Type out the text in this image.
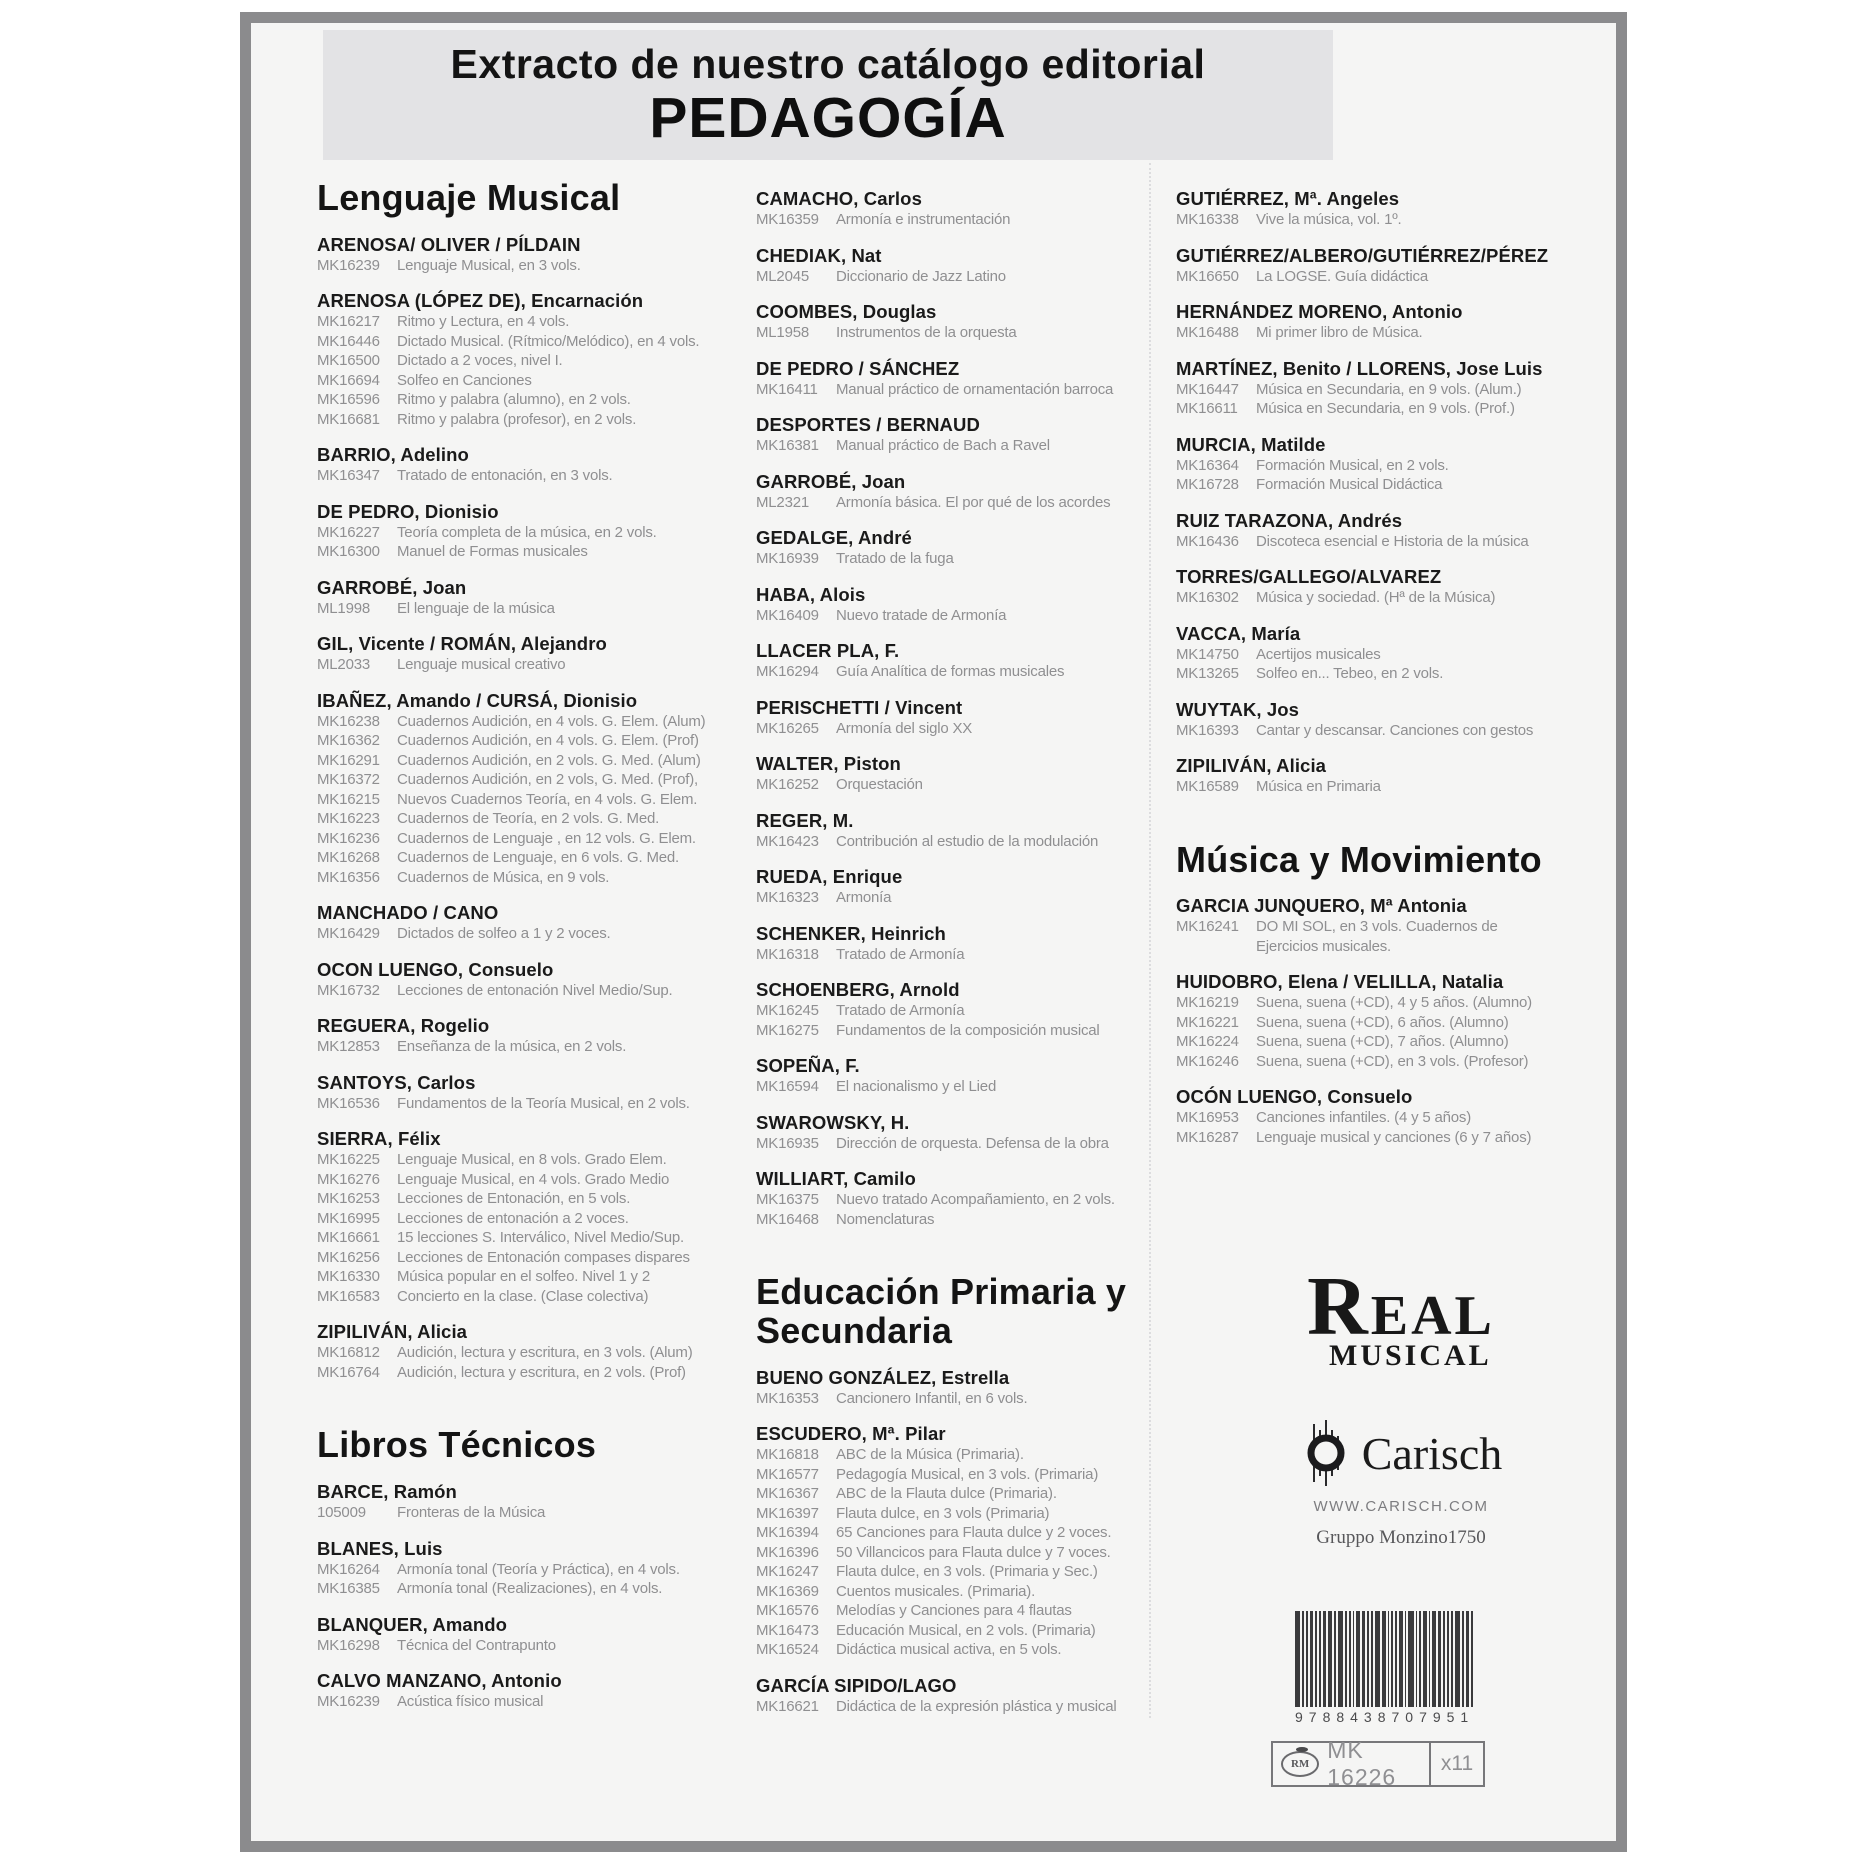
Extracto de nuestro catálogo editorial
PEDAGOGÍA
Lenguaje Musical
ARENOSA/ OLIVER / PÍLDAIN
MK16239 Lenguaje Musical, en 3 vols.
ARENOSA (LÓPEZ DE), Encarnación
MK16217 Ritmo y Lectura, en 4 vols.
MK16446 Dictado Musical. (Rítmico/Melódico), en 4 vols.
MK16500 Dictado a 2 voces, nivel I.
MK16694 Solfeo en Canciones
MK16596 Ritmo y palabra (alumno), en 2 vols.
MK16681 Ritmo y palabra (profesor), en 2 vols.
BARRIO, Adelino
MK16347 Tratado de entonación, en 3 vols.
DE PEDRO, Dionisio
MK16227 Teoría completa de la música, en 2 vols.
MK16300 Manuel de Formas musicales
GARROBÉ, Joan
ML1998 El lenguaje de la música
GIL, Vicente / ROMÁN, Alejandro
ML2033 Lenguaje musical creativo
IBAÑEZ, Amando / CURSÁ, Dionisio
MK16238 Cuadernos Audición, en 4 vols. G. Elem. (Alum)
MK16362 Cuadernos Audición, en 4 vols. G. Elem. (Prof)
MK16291 Cuadernos Audición, en 2 vols. G. Med. (Alum)
MK16372 Cuadernos Audición, en 2 vols, G. Med. (Prof),
MK16215 Nuevos Cuadernos Teoría, en 4 vols. G. Elem.
MK16223 Cuadernos de Teoría, en 2 vols. G. Med.
MK16236 Cuadernos de Lenguaje , en 12 vols. G. Elem.
MK16268 Cuadernos de Lenguaje, en 6 vols. G. Med.
MK16356 Cuadernos de Música, en 9 vols.
MANCHADO / CANO
MK16429 Dictados de solfeo a 1 y 2 voces.
OCON LUENGO, Consuelo
MK16732 Lecciones de entonación Nivel Medio/Sup.
REGUERA, Rogelio
MK12853 Enseñanza de la música, en 2 vols.
SANTOYS, Carlos
MK16536 Fundamentos de la Teoría Musical, en 2 vols.
SIERRA, Félix
MK16225 Lenguaje Musical, en 8 vols. Grado Elem.
MK16276 Lenguaje Musical, en 4 vols. Grado Medio
MK16253 Lecciones de Entonación, en 5 vols.
MK16995 Lecciones de entonación a 2 voces.
MK16661 15 lecciones S. Interválico, Nivel Medio/Sup.
MK16256 Lecciones de Entonación compases dispares
MK16330 Música popular en el solfeo. Nivel 1 y 2
MK16583 Concierto en la clase. (Clase colectiva)
ZIPILIVÁN, Alicia
MK16812 Audición, lectura y escritura, en 3 vols. (Alum)
MK16764 Audición, lectura y escritura, en 2 vols. (Prof)
Libros Técnicos
BARCE, Ramón
105009 Fronteras de la Música
BLANES, Luis
MK16264 Armonía tonal (Teoría y Práctica), en 4 vols.
MK16385 Armonía tonal (Realizaciones), en 4 vols.
BLANQUER, Amando
MK16298 Técnica del Contrapunto
CALVO MANZANO, Antonio
MK16239 Acústica físico musical
CAMACHO, Carlos
MK16359 Armonía e instrumentación
CHEDIAK, Nat
ML2045 Diccionario de Jazz Latino
COOMBES, Douglas
ML1958 Instrumentos de la orquesta
DE PEDRO / SÁNCHEZ
MK16411 Manual práctico de ornamentación barroca
DESPORTES / BERNAUD
MK16381 Manual práctico de Bach a Ravel
GARROBÉ, Joan
ML2321 Armonía básica. El por qué de los acordes
GEDALGE, André
MK16939 Tratado de la fuga
HABA, Alois
MK16409 Nuevo tratade de Armonía
LLACER PLA, F.
MK16294 Guía Analítica de formas musicales
PERISCHETTI / Vincent
MK16265 Armonía del siglo XX
WALTER, Piston
MK16252 Orquestación
REGER, M.
MK16423 Contribución al estudio de la modulación
RUEDA, Enrique
MK16323 Armonía
SCHENKER, Heinrich
MK16318 Tratado de Armonía
SCHOENBERG, Arnold
MK16245 Tratado de Armonía
MK16275 Fundamentos de la composición musical
SOPEÑA, F.
MK16594 El nacionalismo y el Lied
SWAROWSKY, H.
MK16935 Dirección de orquesta. Defensa de la obra
WILLIART, Camilo
MK16375 Nuevo tratado Acompañamiento, en 2 vols.
MK16468 Nomenclaturas
Educación Primaria y Secundaria
BUENO GONZÁLEZ, Estrella
MK16353 Cancionero Infantil, en 6 vols.
ESCUDERO, Mª. Pilar
MK16818 ABC de la Música (Primaria).
MK16577 Pedagogía Musical, en 3 vols. (Primaria)
MK16367 ABC de la Flauta dulce (Primaria).
MK16397 Flauta dulce, en 3 vols (Primaria)
MK16394 65 Canciones para Flauta dulce y 2 voces.
MK16396 50 Villancicos para Flauta dulce y 7 voces.
MK16247 Flauta dulce, en 3 vols. (Primaria y Sec.)
MK16369 Cuentos musicales. (Primaria).
MK16576 Melodías y Canciones para 4 flautas
MK16473 Educación Musical, en 2 vols. (Primaria)
MK16524 Didáctica musical activa, en 5 vols.
GARCÍA SIPIDO/LAGO
MK16621 Didáctica de la expresión plástica y musical
GUTIÉRREZ, Mª. Angeles
MK16338 Vive la música, vol. 1º.
GUTIÉRREZ/ALBERO/GUTIÉRREZ/PÉREZ
MK16650 La LOGSE. Guía didáctica
HERNÁNDEZ MORENO, Antonio
MK16488 Mi primer libro de Música.
MARTÍNEZ, Benito / LLORENS, Jose Luis
MK16447 Música en Secundaria, en 9 vols. (Alum.)
MK16611 Música en Secundaria, en 9 vols. (Prof.)
MURCIA, Matilde
MK16364 Formación Musical, en 2 vols.
MK16728 Formación Musical Didáctica
RUIZ TARAZONA, Andrés
MK16436 Discoteca esencial e Historia de la música
TORRES/GALLEGO/ALVAREZ
MK16302 Música y sociedad. (Hª de la Música)
VACCA, María
MK14750 Acertijos musicales
MK13265 Solfeo en... Tebeo, en 2 vols.
WUYTAK, Jos
MK16393 Cantar y descansar. Canciones con gestos
ZIPILIVÁN, Alicia
MK16589 Música en Primaria
Música y Movimiento
GARCIA JUNQUERO, Mª Antonia
MK16241 DO MI SOL, en 3 vols. Cuadernos de
Ejercicios musicales.
HUIDOBRO, Elena / VELILLA, Natalia
MK16219 Suena, suena (+CD), 4 y 5 años. (Alumno)
MK16221 Suena, suena (+CD), 6 años. (Alumno)
MK16224 Suena, suena (+CD), 7 años. (Alumno)
MK16246 Suena, suena (+CD), en 3 vols. (Profesor)
OCÓN LUENGO, Consuelo
MK16953 Canciones infantiles. (4 y 5 años)
MK16287 Lenguaje musical y canciones (6 y 7 años)
REAL
MUSICAL
Carisch
WWW.CARISCH.COM
Gruppo Monzino1750
9788438707951
RM
MK 16226
x11
